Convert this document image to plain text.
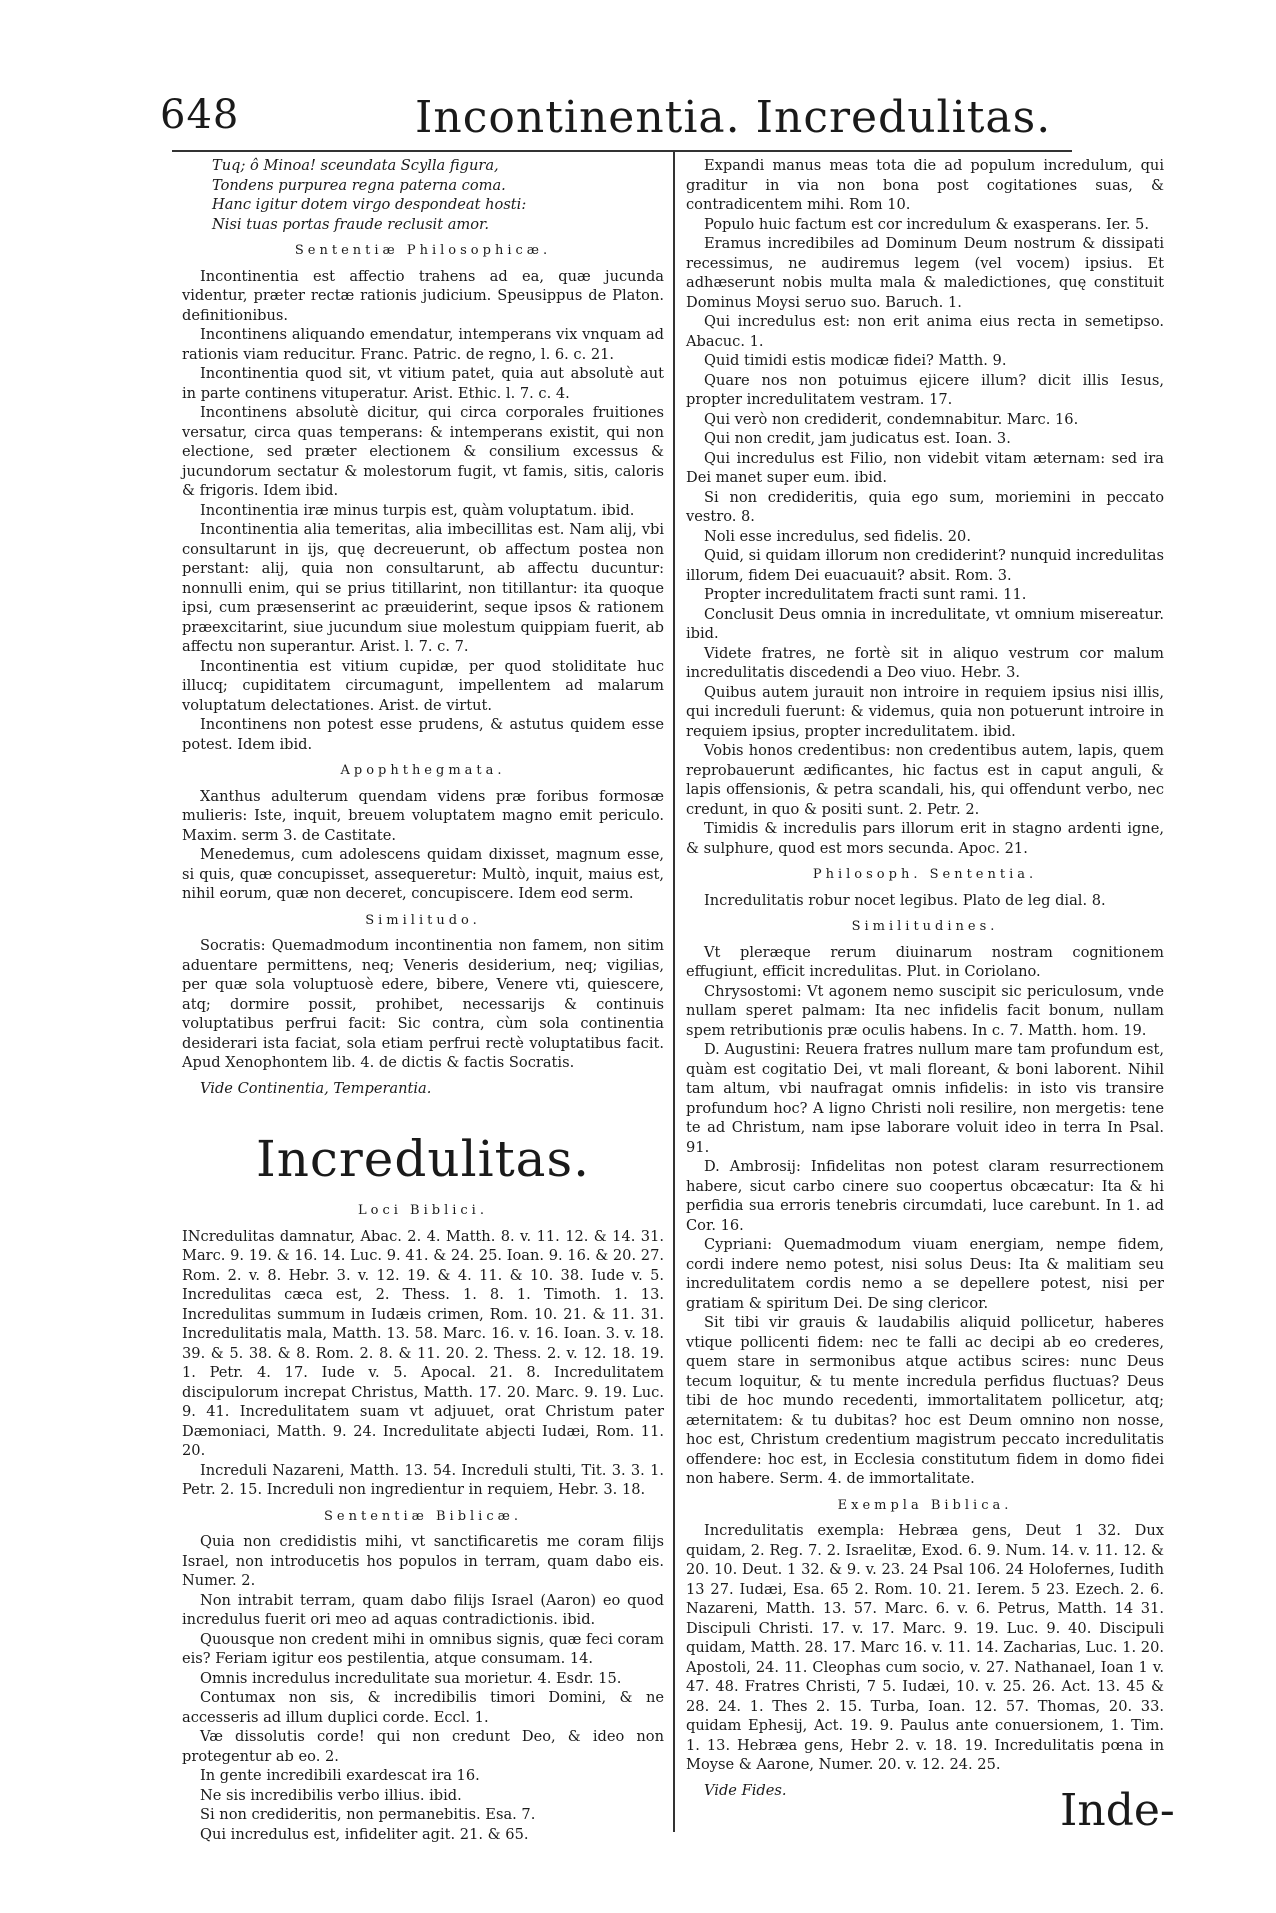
648	Incontinentia. Incredulitas.

Tuq; ô Minoa! sceundata Scylla figura,

Tondens purpurea regna paterna coma.

Hanc igitur dotem virgo despondeat hosti:

Nisi tuas portas fraude reclusit amor.

Sententiæ Philosophicæ.

Incontinentia est affectio trahens ad ea, quæ jucunda videntur, præter rectæ rationis judicium. Speusippus de Platon. definitionibus.

Incontinens aliquando emendatur, intemperans vix vnquam ad rationis viam reducitur. Franc. Patric. de regno, l. 6. c. 21.

Incontinentia quod sit, vt vitium patet, quia aut absolutè aut in parte continens vituperatur. Arist. Ethic. l. 7. c. 4.

Incontinens absolutè dicitur, qui circa corporales fruitiones versatur, circa quas temperans: & intemperans existit, qui non electione, sed præter electionem & consilium excessus & jucundorum sectatur & molestorum fugit, vt famis, sitis, caloris & frigoris. Idem ibid.

Incontinentia iræ minus turpis est, quàm voluptatum. ibid.

Incontinentia alia temeritas, alia imbecillitas est. Nam alij, vbi consultarunt in ijs, quę decreuerunt, ob affectum postea non perstant: alij, quia non consultarunt, ab affectu ducuntur: nonnulli enim, qui se prius titillarint, non titillantur: ita quoque ipsi, cum præsenserint ac præuiderint, seque ipsos & rationem præexcitarint, siue jucundum siue molestum quippiam fuerit, ab affectu non superantur. Arist. l. 7. c. 7.

Incontinentia est vitium cupidæ, per quod stoliditate huc illucq; cupiditatem circumagunt, impellentem ad malarum voluptatum delectationes. Arist. de virtut.

Incontinens non potest esse prudens, & astutus quidem esse potest. Idem ibid.

Apophthegmata.

Xanthus adulterum quendam videns præ foribus formosæ mulieris: Iste, inquit, breuem voluptatem magno emit periculo. Maxim. serm 3. de Castitate.

Menedemus, cum adolescens quidam dixisset, magnum esse, si quis, quæ concupisset, assequeretur: Multò, inquit, maius est, nihil eorum, quæ non deceret, concupiscere. Idem eod serm.

Similitudo.

Socratis: Quemadmodum incontinentia non famem, non sitim aduentare permittens, neq; Veneris desiderium, neq; vigilias, per quæ sola voluptuosè edere, bibere, Venere vti, quiescere, atq; dormire possit, prohibet, necessarijs & continuis voluptatibus perfrui facit: Sic contra, cùm sola continentia desiderari ista faciat, sola etiam perfrui rectè voluptatibus facit. Apud Xenophontem lib. 4. de dictis & factis Socratis.

Vide Continentia, Temperantia.

Incredulitas.

Loci Biblici.

INcredulitas damnatur, Abac. 2. 4. Matth. 8. v. 11. 12. & 14. 31. Marc. 9. 19. & 16. 14. Luc. 9. 41. & 24. 25. Ioan. 9. 16. & 20. 27. Rom. 2. v. 8. Hebr. 3. v. 12. 19. & 4. 11. & 10. 38. Iude v. 5. Incredulitas cæca est, 2. Thess. 1. 8. 1. Timoth. 1. 13. Incredulitas summum in Iudæis crimen, Rom. 10. 21. & 11. 31. Incredulitatis mala, Matth. 13. 58. Marc. 16. v. 16. Ioan. 3. v. 18. 39. & 5. 38. & 8. Rom. 2. 8. & 11. 20. 2. Thess. 2. v. 12. 18. 19. 1. Petr. 4. 17. Iude v. 5. Apocal. 21. 8. Incredulitatem discipulorum increpat Christus, Matth. 17. 20. Marc. 9. 19. Luc. 9. 41. Incredulitatem suam vt adjuuet, orat Christum pater Dæmoniaci, Matth. 9. 24. Incredulitate abjecti Iudæi, Rom. 11. 20.

Increduli Nazareni, Matth. 13. 54. Increduli stulti, Tit. 3. 3. 1. Petr. 2. 15. Increduli non ingredientur in requiem, Hebr. 3. 18.

Sententiæ Biblicæ.

Quia non credidistis mihi, vt sanctificaretis me coram filijs Israel, non introducetis hos populos in terram, quam dabo eis. Numer. 2.

Non intrabit terram, quam dabo filijs Israel (Aaron) eo quod incredulus fuerit ori meo ad aquas contradictionis. ibid.

Quousque non credent mihi in omnibus signis, quæ feci coram eis? Feriam igitur eos pestilentia, atque consumam. 14.

Omnis incredulus incredulitate sua morietur. 4. Esdr. 15.

Contumax non sis, & incredibilis timori Domini, & ne accesseris ad illum duplici corde. Eccl. 1.

Væ dissolutis corde! qui non credunt Deo, & ideo non protegentur ab eo. 2.

In gente incredibili exardescat ira 16.

Ne sis incredibilis verbo illius. ibid.

Si non credideritis, non permanebitis. Esa. 7.

Qui incredulus est, infideliter agit. 21. & 65.

Expandi manus meas tota die ad populum incredulum, qui graditur in via non bona post cogitationes suas, & contradicentem mihi. Rom 10.

Populo huic factum est cor incredulum & exasperans. Ier. 5.

Eramus incredibiles ad Dominum Deum nostrum & dissipati recessimus, ne audiremus legem (vel vocem) ipsius. Et adhæserunt nobis multa mala & maledictiones, quę constituit Dominus Moysi seruo suo. Baruch. 1.

Qui incredulus est: non erit anima eius recta in semetipso. Abacuc. 1.

Quid timidi estis modicæ fidei? Matth. 9.

Quare nos non potuimus ejicere illum? dicit illis Iesus, propter incredulitatem vestram. 17.

Qui verò non crediderit, condemnabitur. Marc. 16.

Qui non credit, jam judicatus est. Ioan. 3.

Qui incredulus est Filio, non videbit vitam æternam: sed ira Dei manet super eum. ibid.

Si non credideritis, quia ego sum, moriemini in peccato vestro. 8.

Noli esse incredulus, sed fidelis. 20.

Quid, si quidam illorum non crediderint? nunquid incredulitas illorum, fidem Dei euacuauit? absit. Rom. 3.

Propter incredulitatem fracti sunt rami. 11.

Conclusit Deus omnia in incredulitate, vt omnium misereatur. ibid.

Videte fratres, ne fortè sit in aliquo vestrum cor malum incredulitatis discedendi a Deo viuo. Hebr. 3.

Quibus autem jurauit non introire in requiem ipsius nisi illis, qui increduli fuerunt: & videmus, quia non potuerunt introire in requiem ipsius, propter incredulitatem. ibid.

Vobis honos credentibus: non credentibus autem, lapis, quem reprobauerunt ædificantes, hic factus est in caput anguli, & lapis offensionis, & petra scandali, his, qui offendunt verbo, nec credunt, in quo & positi sunt. 2. Petr. 2.

Timidis & incredulis pars illorum erit in stagno ardenti igne, & sulphure, quod est mors secunda. Apoc. 21.

Philosoph. Sententia.

Incredulitatis robur nocet legibus. Plato de leg dial. 8.

Similitudines.

Vt pleræque rerum diuinarum nostram cognitionem effugiunt, efficit incredulitas. Plut. in Coriolano.

Chrysostomi: Vt agonem nemo suscipit sic periculosum, vnde nullam speret palmam: Ita nec infidelis facit bonum, nullam spem retributionis præ oculis habens. In c. 7. Matth. hom. 19.

D. Augustini: Reuera fratres nullum mare tam profundum est, quàm est cogitatio Dei, vt mali floreant, & boni laborent. Nihil tam altum, vbi naufragat omnis infidelis: in isto vis transire profundum hoc? A ligno Christi noli resilire, non mergetis: tene te ad Christum, nam ipse laborare voluit ideo in terra In Psal. 91.

D. Ambrosij: Infidelitas non potest claram resurrectionem habere, sicut carbo cinere suo coopertus obcæcatur: Ita & hi perfidia sua erroris tenebris circumdati, luce carebunt. In 1. ad Cor. 16.

Cypriani: Quemadmodum viuam energiam, nempe fidem, cordi indere nemo potest, nisi solus Deus: Ita & malitiam seu incredulitatem cordis nemo a se depellere potest, nisi per gratiam & spiritum Dei. De sing clericor.

Sit tibi vir grauis & laudabilis aliquid pollicetur, haberes vtique pollicenti fidem: nec te falli ac decipi ab eo crederes, quem stare in sermonibus atque actibus scires: nunc Deus tecum loquitur, & tu mente incredula perfidus fluctuas? Deus tibi de hoc mundo recedenti, immortalitatem pollicetur, atq; æternitatem: & tu dubitas? hoc est Deum omnino non nosse, hoc est, Christum credentium magistrum peccato incredulitatis offendere: hoc est, in Ecclesia constitutum fidem in domo fidei non habere. Serm. 4. de immortalitate.

Exempla Biblica.

Incredulitatis exempla: Hebræa gens, Deut 1 32. Dux quidam, 2. Reg. 7. 2. Israelitæ, Exod. 6. 9. Num. 14. v. 11. 12. & 20. 10. Deut. 1 32. & 9. v. 23. 24 Psal 106. 24 Holofernes, Iudith 13 27. Iudæi, Esa. 65 2. Rom. 10. 21. Ierem. 5 23. Ezech. 2. 6. Nazareni, Matth. 13. 57. Marc. 6. v. 6. Petrus, Matth. 14 31. Discipuli Christi. 17. v. 17. Marc. 9. 19. Luc. 9. 40. Discipuli quidam, Matth. 28. 17. Marc 16. v. 11. 14. Zacharias, Luc. 1. 20. Apostoli, 24. 11. Cleophas cum socio, v. 27. Nathanael, Ioan 1 v. 47. 48. Fratres Christi, 7 5. Iudæi, 10. v. 25. 26. Act. 13. 45 & 28. 24. 1. Thes 2. 15. Turba, Ioan. 12. 57. Thomas, 20. 33. quidam Ephesij, Act. 19. 9. Paulus ante conuersionem, 1. Tim. 1. 13. Hebræa gens, Hebr 2. v. 18. 19. Incredulitatis pœna in Moyse & Aarone, Numer. 20. v. 12. 24. 25.

Vide Fides.	Inde-
